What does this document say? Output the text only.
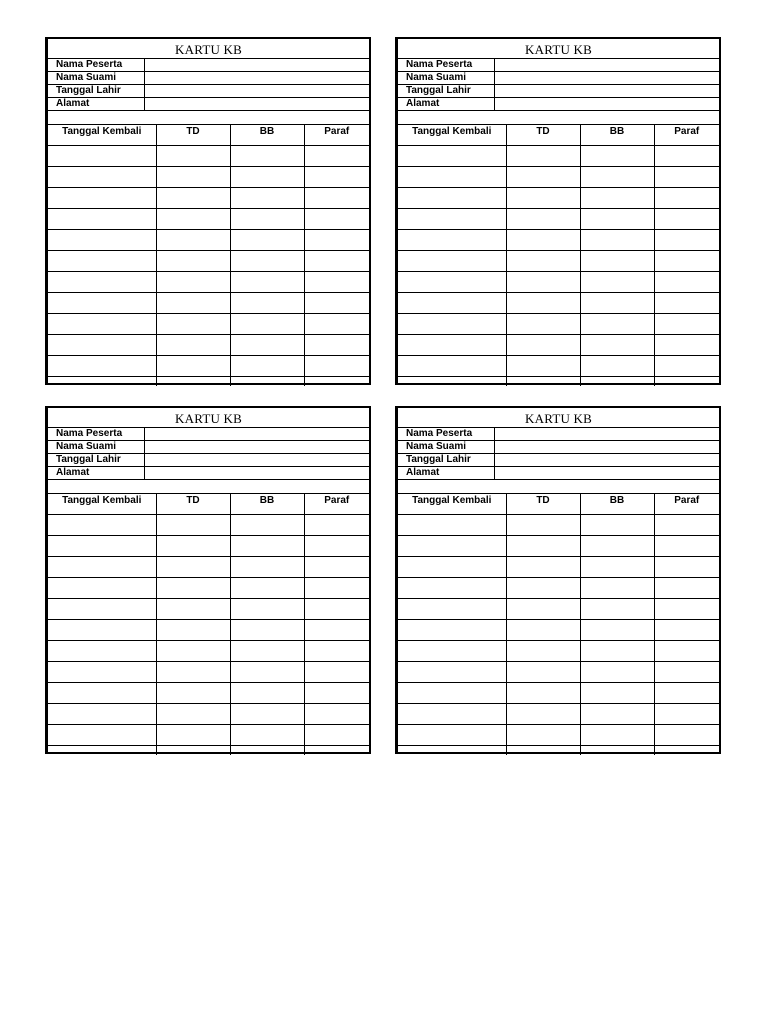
KARTU KB
Nama Peserta	
Nama Suami	
Tanggal Lahir	
Alamat	
Tanggal Kembali	TD	BB	Paraf

KARTU KB
Nama Peserta	
Nama Suami	
Tanggal Lahir	
Alamat	
Tanggal Kembali	TD	BB	Paraf

KARTU KB
Nama Peserta	
Nama Suami	
Tanggal Lahir	
Alamat	
Tanggal Kembali	TD	BB	Paraf

KARTU KB
Nama Peserta	
Nama Suami	
Tanggal Lahir	
Alamat	
Tanggal Kembali	TD	BB	Paraf
